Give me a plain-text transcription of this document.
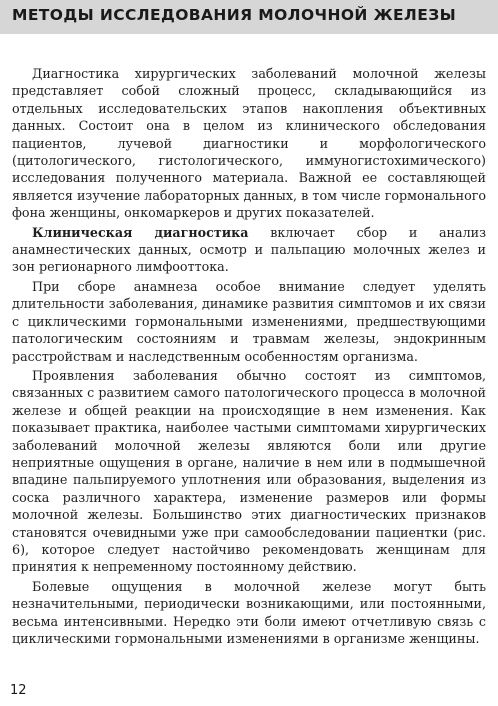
МЕТОДЫ ИССЛЕДОВАНИЯ МОЛОЧНОЙ ЖЕЛЕЗЫ

Диагностика хирургических заболеваний молочной железы представляет собой сложный процесс, складывающийся из отдельных исследовательских этапов накопления объективных данных. Состоит она в целом из клинического обследования пациентов, лучевой диагностики и морфологического (цитологического, гистологического, иммуногистохимического) исследования полученного материала. Важной ее составляющей является изучение лабораторных данных, в том числе гормонального фона женщины, онкомаркеров и других показателей.

Клиническая диагностика включает сбор и анализ анамнестических данных, осмотр и пальпацию молочных желез и зон регионарного лимфооттока.

При сборе анамнеза особое внимание следует уделять длительности заболевания, динамике развития симптомов и их связи с циклическими гормональными изменениями, предшествующими патологическим состояниям и травмам железы, эндокринным расстройствам и наследственным особенностям организма.

Проявления заболевания обычно состоят из симптомов, связанных с развитием самого патологического процесса в молочной железе и общей реакции на происходящие в нем изменения. Как показывает практика, наиболее частыми симптомами хирургических заболеваний молочной железы являются боли или другие неприятные ощущения в органе, наличие в нем или в подмышечной впадине пальпируемого уплотнения или образования, выделения из соска различного характера, изменение размеров или формы молочной железы. Большинство этих диагностических признаков становятся очевидными уже при самообследовании пациентки (рис. 6), которое следует настойчиво рекомендовать женщинам для принятия к непременному постоянному действию.

Болевые ощущения в молочной железе могут быть незначительными, периодически возникающими, или постоянными, весьма интенсивными. Нередко эти боли имеют отчетливую связь с циклическими гормональными изменениями в организме женщины.

12
